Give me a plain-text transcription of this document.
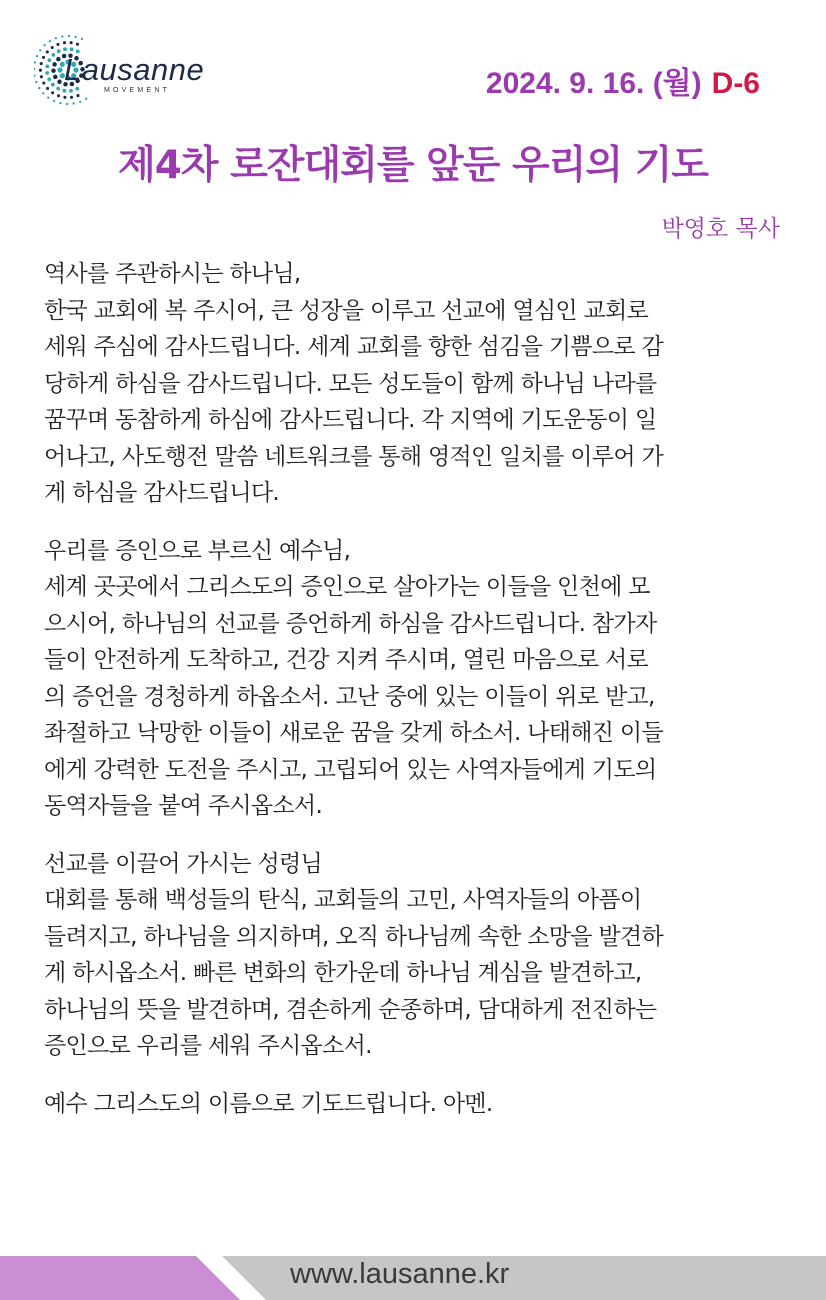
Lausanne
MOVEMENT	2024. 9. 16. (월) D-6
제4차 로잔대회를 앞둔 우리의 기도
박영호 목사

역사를 주관하시는 하나님,
한국 교회에 복 주시어, 큰 성장을 이루고 선교에 열심인 교회로
세워 주심에 감사드립니다. 세계 교회를 향한 섬김을 기쁨으로 감
당하게 하심을 감사드립니다. 모든 성도들이 함께 하나님 나라를
꿈꾸며 동참하게 하심에 감사드립니다. 각 지역에 기도운동이 일
어나고, 사도행전 말씀 네트워크를 통해 영적인 일치를 이루어 가
게 하심을 감사드립니다.

우리를 증인으로 부르신 예수님,
세계 곳곳에서 그리스도의 증인으로 살아가는 이들을 인천에 모
으시어, 하나님의 선교를 증언하게 하심을 감사드립니다. 참가자
들이 안전하게 도착하고, 건강 지켜 주시며, 열린 마음으로 서로
의 증언을 경청하게 하옵소서. 고난 중에 있는 이들이 위로 받고,
좌절하고 낙망한 이들이 새로운 꿈을 갖게 하소서. 나태해진 이들
에게 강력한 도전을 주시고, 고립되어 있는 사역자들에게 기도의
동역자들을 붙여 주시옵소서.

선교를 이끌어 가시는 성령님
대회를 통해 백성들의 탄식, 교회들의 고민, 사역자들의 아픔이
들려지고, 하나님을 의지하며, 오직 하나님께 속한 소망을 발견하
게 하시옵소서. 빠른 변화의 한가운데 하나님 계심을 발견하고,
하나님의 뜻을 발견하며, 겸손하게 순종하며, 담대하게 전진하는
증인으로 우리를 세워 주시옵소서.

예수 그리스도의 이름으로 기도드립니다. 아멘.

www.lausanne.kr
